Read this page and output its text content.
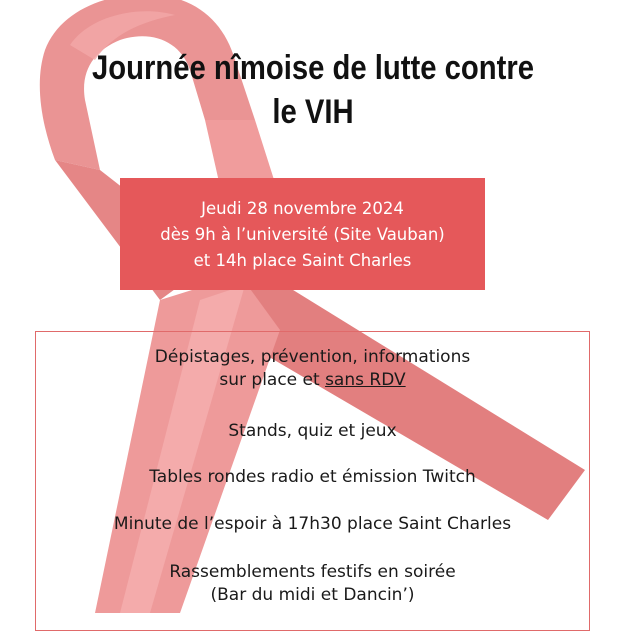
Journée nîmoise de lutte contre
le VIH
Jeudi 28 novembre 2024
dès 9h à l’université (Site Vauban)
et 14h place Saint Charles
Dépistages, prévention, informations
sur place et sans RDV
Stands, quiz et jeux
Tables rondes radio et émission Twitch
Minute de l’espoir à 17h30 place Saint Charles
Rassemblements festifs en soirée
(Bar du midi et Dancin’)
